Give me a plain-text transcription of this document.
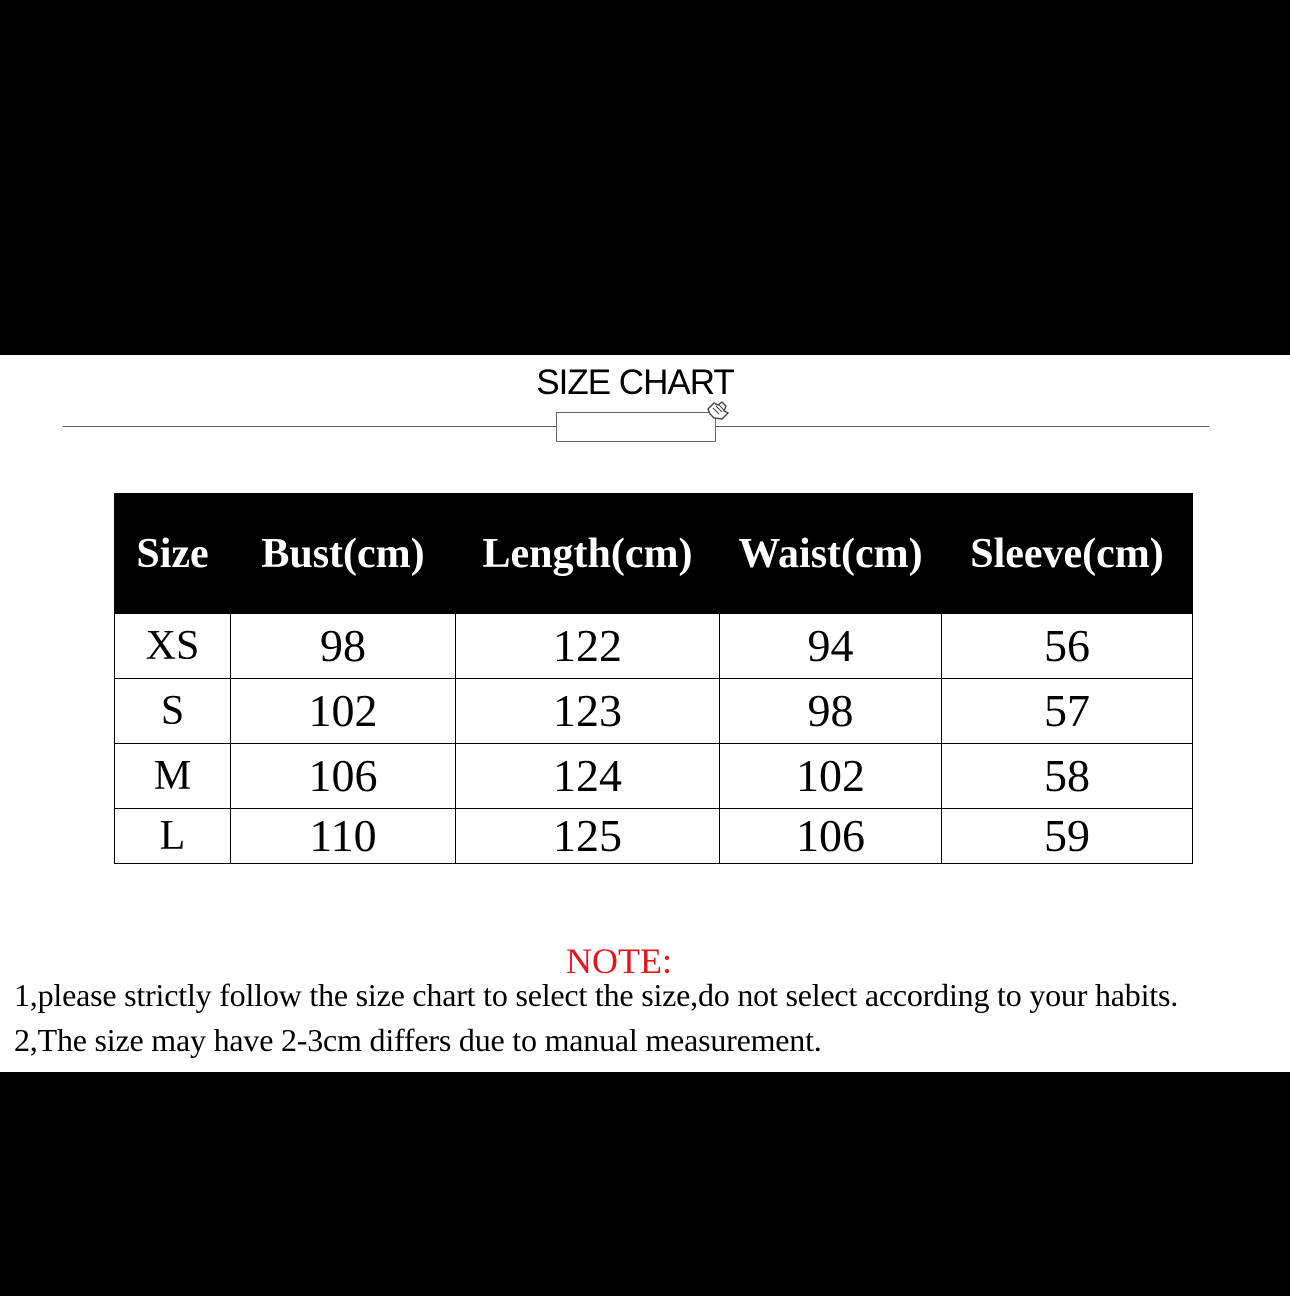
SIZE CHART
Size	Bust(cm)	Length(cm)	Waist(cm)	Sleeve(cm)
XS	98	122	94	56
S	102	123	98	57
M	106	124	102	58
L	110	125	106	59
NOTE:
1,please strictly follow the size chart to select the size,do not select according to your habits.
2,The size may have 2-3cm differs due to manual measurement.
